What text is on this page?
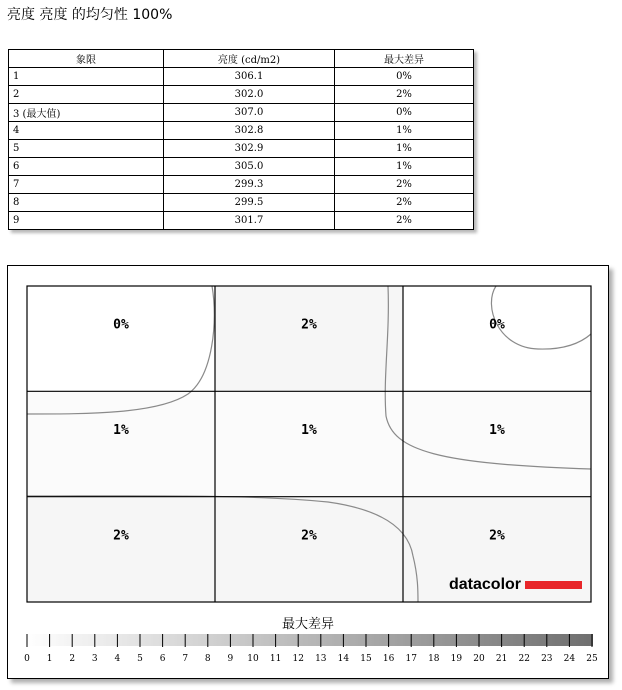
亮度 亮度 的均匀性 100%
象限	亮度 (cd/m2)	最大差异
1	306.1	0%
2	302.0	2%
3 (最大值)	307.0	0%
4	302.8	1%
5	302.9	1%
6	305.0	1%
7	299.3	2%
8	299.5	2%
9	301.7	2%
0%	2%	0%
1%	1%	1%
2%	2%	2%
datacolor
最大差异
0 1 2 3 4 5 6 7 8 9 10 11 12 13 14 15 16 17 18 19 20 21 22 23 24 25
